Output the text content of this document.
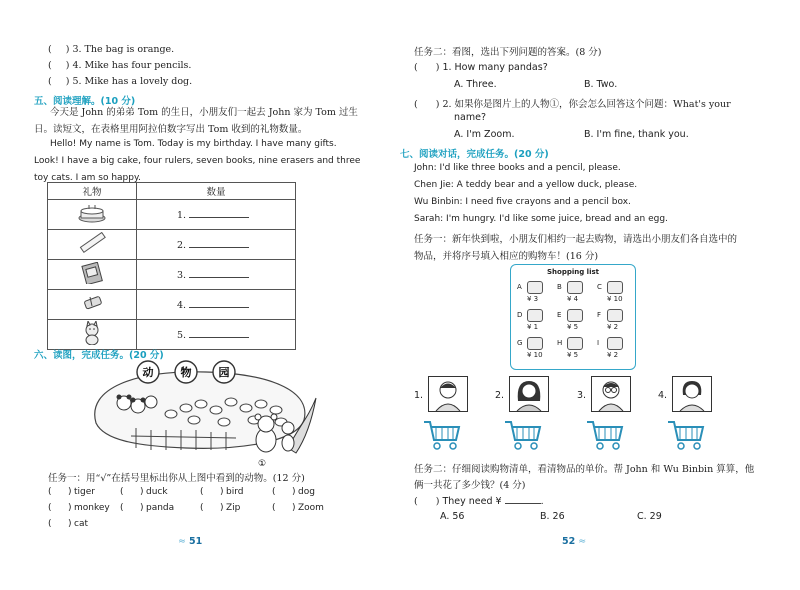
( ) 3. The bag is orange.
( ) 4. Mike has four pencils.
( ) 5. Mike has a lovely dog.
五、阅读理解。(10 分)
今天是 John 的弟弟 Tom 的生日，小朋友们一起去 John 家为 Tom 过生日。读短文，在表格里用阿拉伯数字写出 Tom 收到的礼物数量。
Hello! My name is Tom. Today is my birthday. I have many gifts. Look! I have a big cake, four rulers, seven books, nine erasers and three toy cats. I am so happy.
礼物	数量
	1.
	2.
	3.
	4.
	5.
六、读图，完成任务。(20 分)
动 物 园
①
任务一：用“√”在括号里标出你从上图中看到的动物。(12 分)
( ) tiger	( ) duck	( ) bird	( ) dog
( ) monkey ( ) panda	( ) Zip	( ) Zoom
( ) cat
≈ 51
任务二：看图，选出下列问题的答案。(8 分)
( ) 1. How many pandas?
A. Three.	B. Two.
( ) 2. 如果你是图片上的人物①，你会怎么回答这个问题：What's your
name?
A. I'm Zoom.	B. I'm fine, thank you.
七、阅读对话，完成任务。(20 分)
John: I'd like three books and a pencil, please.
Chen Jie: A teddy bear and a yellow duck, please.
Wu Binbin: I need five crayons and a pencil box.
Sarah: I'm hungry. I'd like some juice, bread and an egg.
任务一：新年快到啦，小朋友们相约一起去购物，请选出小朋友们各自选中的
物品，并将序号填入相应的购物车！(16 分)
Shopping list
A
¥ 3
B
¥ 4
C
¥ 10
D
¥ 1
E
¥ 5
F
¥ 2
G
¥ 10
H
¥ 5
I
¥ 2
1.	2.	3.	4.
任务二：仔细阅读购物清单，看清物品的单价。帮 John 和 Wu Binbin 算算，他
俩一共花了多少钱？(4 分)
( ) They need ¥	.
A. 56	B. 26	C. 29
52 ≈
